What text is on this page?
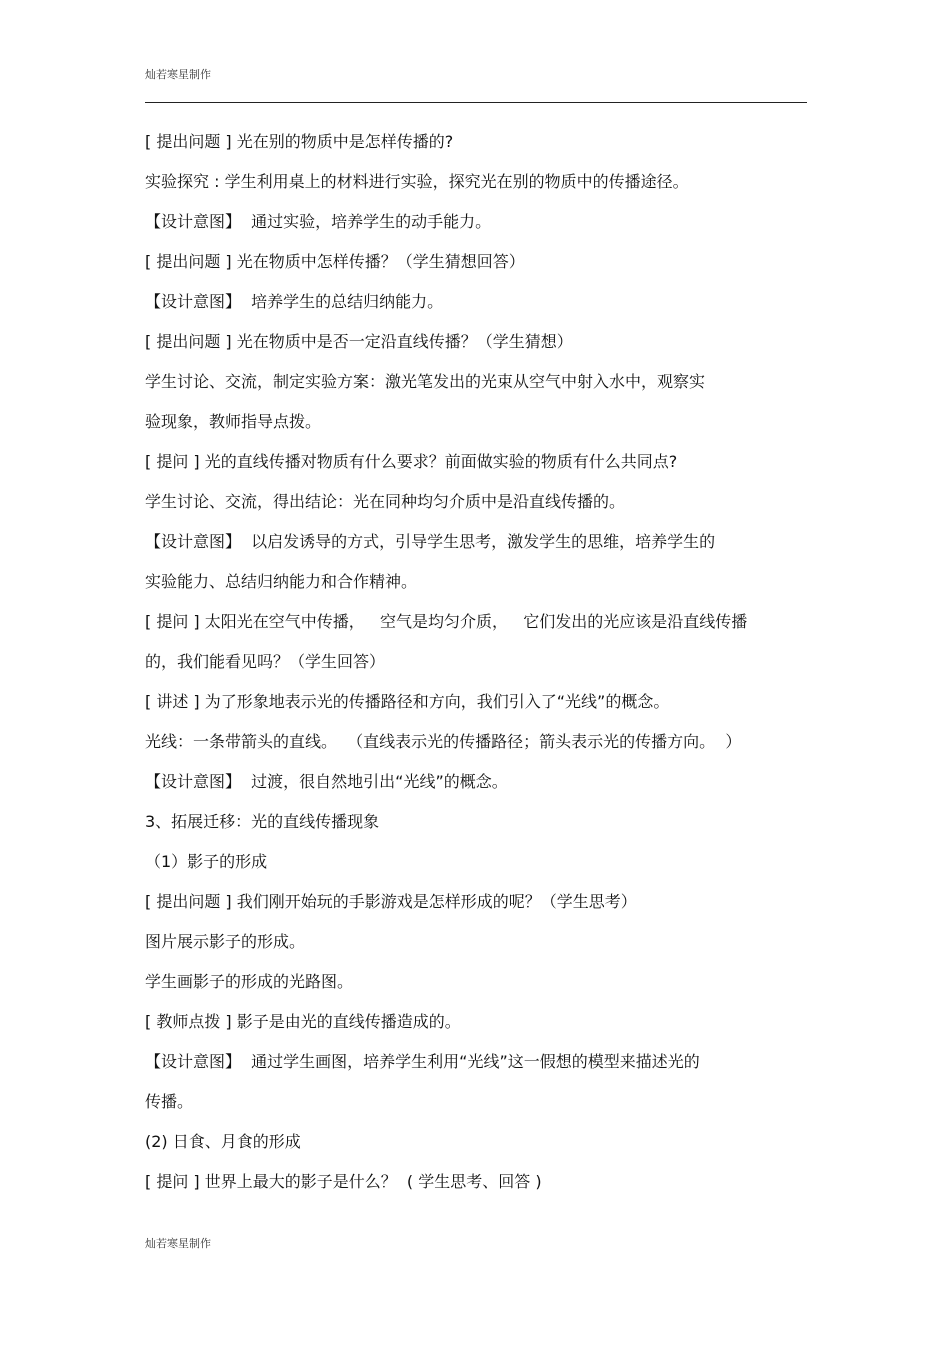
灿若寒星制作
[ 提出问题 ] 光在别的物质中是怎样传播的?
实验探究 : 学生利用桌上的材料进行实验，探究光在别的物质中的传播途径。
【设计意图】  通过实验，培养学生的动手能力。
[ 提出问题 ] 光在物质中怎样传播？（学生猜想回答）
【设计意图】  培养学生的总结归纳能力。
[ 提出问题 ] 光在物质中是否一定沿直线传播？（学生猜想）
学生讨论、交流，制定实验方案：激光笔发出的光束从空气中射入水中，观察实
验现象，教师指导点拨。
[ 提问 ] 光的直线传播对物质有什么要求？前面做实验的物质有什么共同点?
学生讨论、交流，得出结论：光在同种均匀介质中是沿直线传播的。
【设计意图】  以启发诱导的方式，引导学生思考，激发学生的思维，培养学生的
实验能力、总结归纳能力和合作精神。
[ 提问 ] 太阳光在空气中传播，   空气是均匀介质，   它们发出的光应该是沿直线传播
的，我们能看见吗？（学生回答）
[ 讲述 ] 为了形象地表示光的传播路径和方向，我们引入了“光线”的概念。
光线：一条带箭头的直线。  （直线表示光的传播路径；箭头表示光的传播方向。  ）
【设计意图】  过渡，很自然地引出“光线”的概念。
3、拓展迁移：光的直线传播现象
（1）影子的形成
[ 提出问题 ] 我们刚开始玩的手影游戏是怎样形成的呢？（学生思考）
图片展示影子的形成。
学生画影子的形成的光路图。
[ 教师点拨 ] 影子是由光的直线传播造成的。
【设计意图】  通过学生画图，培养学生利用“光线”这一假想的模型来描述光的
传播。
(2) 日食、月食的形成
[ 提问 ] 世界上最大的影子是什么？  ( 学生思考、回答 )
灿若寒星制作
